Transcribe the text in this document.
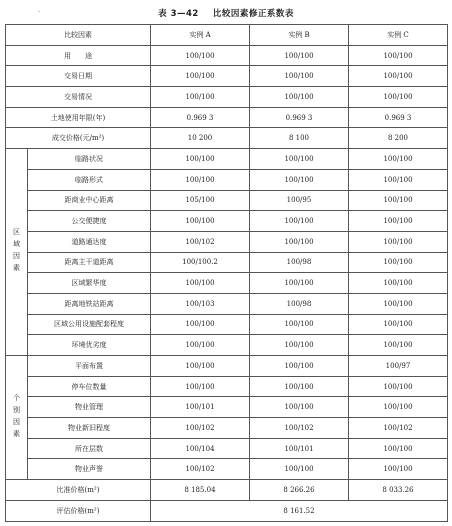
·	表 3—42 比较因素修正系数表
比较因素		实例 A	实例 B	实例 C
用　　途		100/100	100/100	100/100
交易日期		100/100	100/100	100/100
交易情况		100/100	100/100	100/100
土地使用年限(年)		0.969 3	0.969 3	0.969 3
成交价格(元/m²)		10 200	8 100	8 200
区域因素	临路状况	100/100	100/100	100/100
	临路形式	100/100	100/100	100/100
	距商业中心距离	105/100	100/95	100/100
	公交便捷度	100/100	100/100	100/100
	道路通达度	100/102	100/100	100/100
	距离主干道距离	100/100.2	100/98	100/100
	区域繁华度	100/100	100/100	100/100
	距离地铁站距离	100/103	100/98	100/100
	区域公用设施配套程度	100/100	100/100	100/100
	环境优劣度	100/100	100/100	100/100
个别因素	平面布置	100/100	100/100	100/97
	停车位数量	100/100	100/100	100/100
	物业管理	100/101	100/100	100/100
	物业新旧程度	100/102	100/102	100/102
	所在层数	100/104	100/101	100/100
	物业声誉	100/102	100/100	100/100
比准价格(m²)		8 185.04	8 266.26	8 033.26
评估价格(m²)		8 161.52		
